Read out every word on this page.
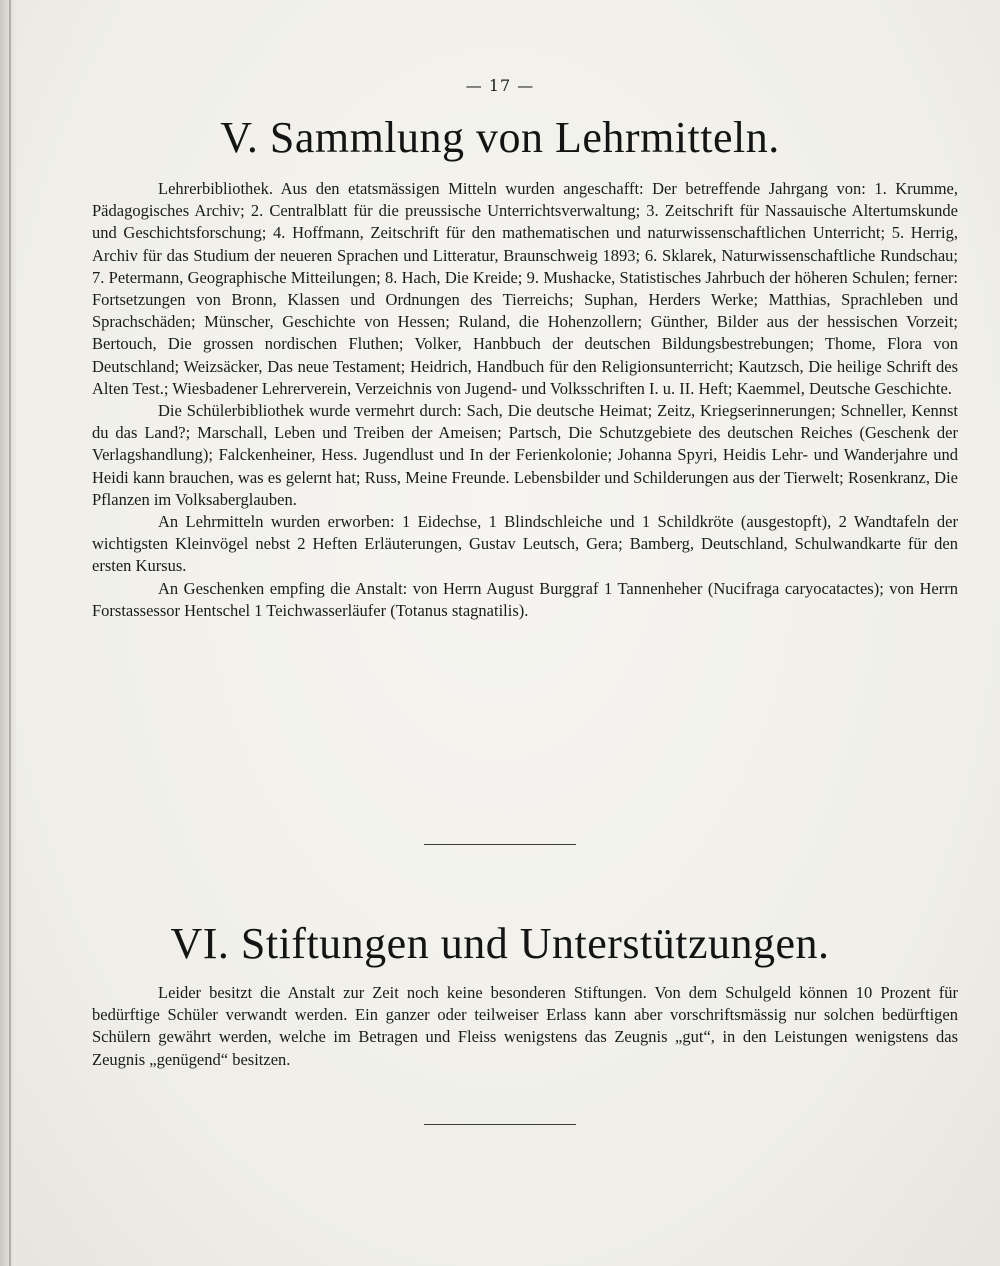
— 17 —
V. Sammlung von Lehrmitteln.

Lehrerbibliothek. Aus den etatsmässigen Mitteln wurden angeschafft: Der betreffende Jahrgang von: 1. Krumme, Pädagogisches Archiv; 2. Centralblatt für die preussische Unterrichtsverwaltung; 3. Zeitschrift für Nassauische Altertumskunde und Geschichtsforschung; 4. Hoffmann, Zeitschrift für den mathematischen und naturwissenschaftlichen Unterricht; 5. Herrig, Archiv für das Studium der neueren Sprachen und Litteratur, Braunschweig 1893; 6. Sklarek, Naturwissenschaftliche Rundschau; 7. Petermann, Geographische Mitteilungen; 8. Hach, Die Kreide; 9. Mushacke, Statistisches Jahrbuch der höheren Schulen; ferner: Fortsetzungen von Bronn, Klassen und Ordnungen des Tierreichs; Suphan, Herders Werke; Matthias, Sprachleben und Sprachschäden; Münscher, Geschichte von Hessen; Ruland, die Hohenzollern; Günther, Bilder aus der hessischen Vorzeit; Bertouch, Die grossen nordischen Fluthen; Volker, Hanbbuch der deutschen Bildungsbestrebungen; Thome, Flora von Deutschland; Weizsäcker, Das neue Testament; Heidrich, Handbuch für den Religionsunterricht; Kautzsch, Die heilige Schrift des Alten Test.; Wiesbadener Lehrerverein, Verzeichnis von Jugend- und Volksschriften I. u. II. Heft; Kaemmel, Deutsche Geschichte.

Die Schülerbibliothek wurde vermehrt durch: Sach, Die deutsche Heimat; Zeitz, Kriegserinnerungen; Schneller, Kennst du das Land?; Marschall, Leben und Treiben der Ameisen; Partsch, Die Schutzgebiete des deutschen Reiches (Geschenk der Verlagshandlung); Falckenheiner, Hess. Jugendlust und In der Ferienkolonie; Johanna Spyri, Heidis Lehr- und Wanderjahre und Heidi kann brauchen, was es gelernt hat; Russ, Meine Freunde. Lebensbilder und Schilderungen aus der Tierwelt; Rosenkranz, Die Pflanzen im Volksaberglauben.

An Lehrmitteln wurden erworben: 1 Eidechse, 1 Blindschleiche und 1 Schildkröte (ausgestopft), 2 Wandtafeln der wichtigsten Kleinvögel nebst 2 Heften Erläuterungen, Gustav Leutsch, Gera; Bamberg, Deutschland, Schulwandkarte für den ersten Kursus.

An Geschenken empfing die Anstalt: von Herrn August Burggraf 1 Tannenheher (Nucifraga caryocatactes); von Herrn Forstassessor Hentschel 1 Teichwasserläufer (Totanus stagnatilis).

VI. Stiftungen und Unterstützungen.

Leider besitzt die Anstalt zur Zeit noch keine besonderen Stiftungen. Von dem Schulgeld können 10 Prozent für bedürftige Schüler verwandt werden. Ein ganzer oder teilweiser Erlass kann aber vorschriftsmässig nur solchen bedürftigen Schülern gewährt werden, welche im Betragen und Fleiss wenigstens das Zeugnis „gut“, in den Leistungen wenigstens das Zeugnis „genügend“ besitzen.
